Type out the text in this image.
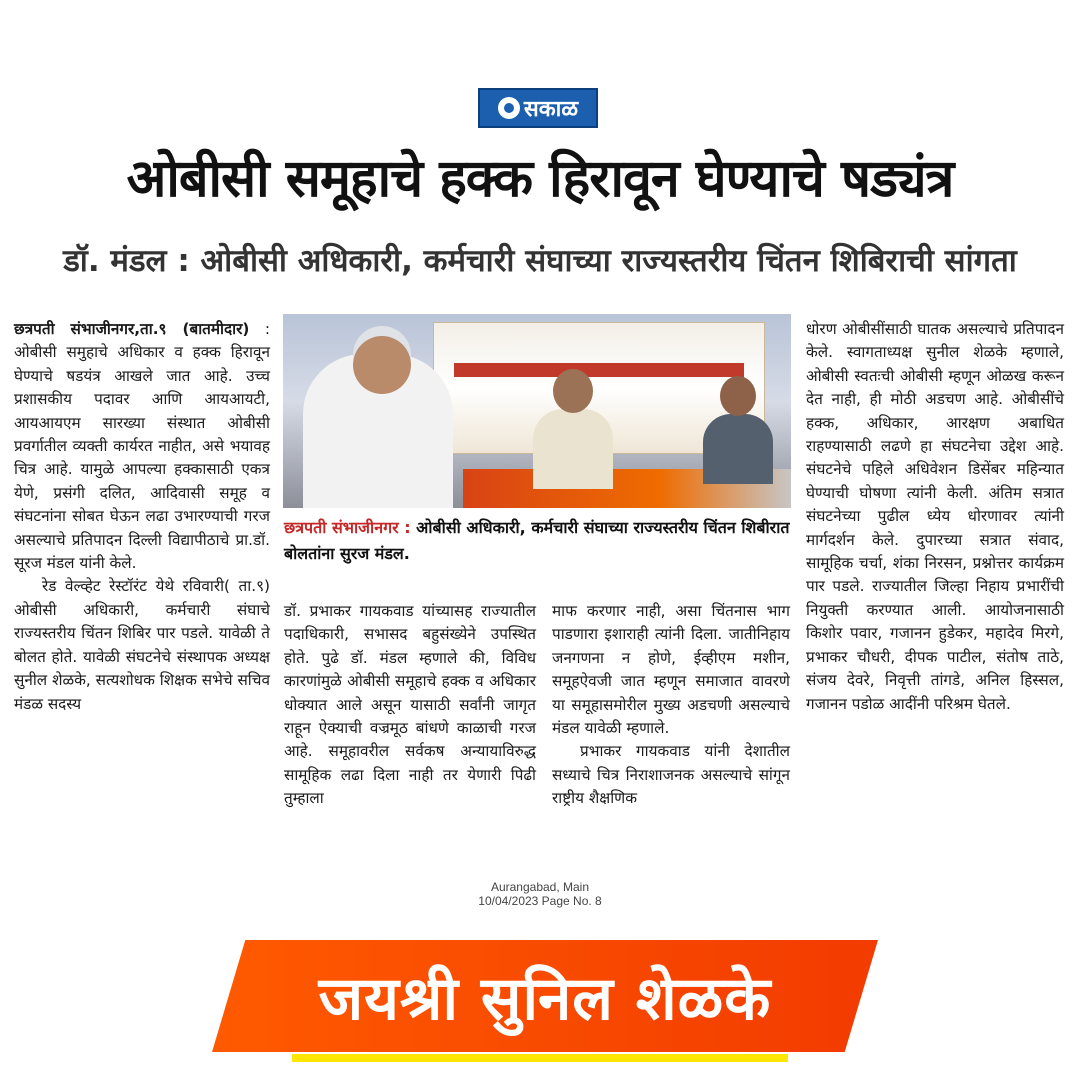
सकाळ
ओबीसी समूहाचे हक्क हिरावून घेण्याचे षड्यंत्र
डॉ. मंडल : ओबीसी अधिकारी, कर्मचारी संघाच्या राज्यस्तरीय चिंतन शिबिराची सांगता

छत्रपती संभाजीनगर,ता.९ (बातमीदार) : ओबीसी समुहाचे अधिकार व हक्क हिरावून घेण्याचे षडयंत्र आखले जात आहे. उच्च प्रशासकीय पदावर आणि आयआयटी, आयआयएम सारख्या संस्थात ओबीसी प्रवर्गातील व्यक्ती कार्यरत नाहीत, असे भयावह चित्र आहे. यामुळे आपल्या हक्कासाठी एकत्र येणे, प्रसंगी दलित, आदिवासी समूह व संघटनांना सोबत घेऊन लढा उभारण्याची गरज असल्याचे प्रतिपादन दिल्ली विद्यापीठाचे प्रा.डॉ. सूरज मंडल यांनी केले.

रेड वेल्व्हेट रेस्टॉरंट येथे रविवारी( ता.९) ओबीसी अधिकारी, कर्मचारी संघाचे राज्यस्तरीय चिंतन शिबिर पार पडले. यावेळी ते बोलत होते. यावेळी संघटनेचे संस्थापक अध्यक्ष सुनील शेळके, सत्यशोधक शिक्षक सभेचे सचिव मंडळ सदस्य

छत्रपती संभाजीनगर : ओबीसी अधिकारी, कर्मचारी संघाच्या राज्यस्तरीय चिंतन शिबीरात बोलतांना सुरज मंडल.

डॉ. प्रभाकर गायकवाड यांच्यासह राज्यातील पदाधिकारी, सभासद बहुसंख्येने उपस्थित होते. पुढे डॉ. मंडल म्हणाले की, विविध कारणांमुळे ओबीसी समूहाचे हक्क व अधिकार धोक्यात आले असून यासाठी सर्वांनी जागृत राहून ऐक्याची वज्रमूठ बांधणे काळाची गरज आहे. समूहावरील सर्वकष अन्यायाविरुद्ध सामूहिक लढा दिला नाही तर येणारी पिढी तुम्हाला

माफ करणार नाही, असा चिंतनास भाग पाडणारा इशाराही त्यांनी दिला. जातीनिहाय जनगणना न होणे, ईव्हीएम मशीन, समूहऐवजी जात म्हणून समाजात वावरणे या समूहासमोरील मुख्य अडचणी असल्याचे मंडल यावेळी म्हणाले.

प्रभाकर गायकवाड यांनी देशातील सध्याचे चित्र निराशाजनक असल्याचे सांगून राष्ट्रीय शैक्षणिक

धोरण ओबीसींसाठी घातक असल्याचे प्रतिपादन केले. स्वागताध्यक्ष सुनील शेळके म्हणाले, ओबीसी स्वतःची ओबीसी म्हणून ओळख करून देत नाही, ही मोठी अडचण आहे. ओबीसींचे हक्क, अधिकार, आरक्षण अबाधित राहण्यासाठी लढणे हा संघटनेचा उद्देश आहे. संघटनेचे पहिले अधिवेशन डिसेंबर महिन्यात घेण्याची घोषणा त्यांनी केली. अंतिम सत्रात संघटनेच्या पुढील ध्येय धोरणावर त्यांनी मार्गदर्शन केले. दुपारच्या सत्रात संवाद, सामूहिक चर्चा, शंका निरसन, प्रश्नोत्तर कार्यक्रम पार पडले. राज्यातील जिल्हा निहाय प्रभारींची नियुक्ती करण्यात आली. आयोजनासाठी किशोर पवार, गजानन हुडेकर, महादेव मिरगे, प्रभाकर चौधरी, दीपक पाटील, संतोष ताठे, संजय देवरे, निवृत्ती तांगडे, अनिल हिस्सल, गजानन पडोळ आदींनी परिश्रम घेतले.

Aurangabad, Main
10/04/2023 Page No. 8
जयश्री सुनिल शेळके
